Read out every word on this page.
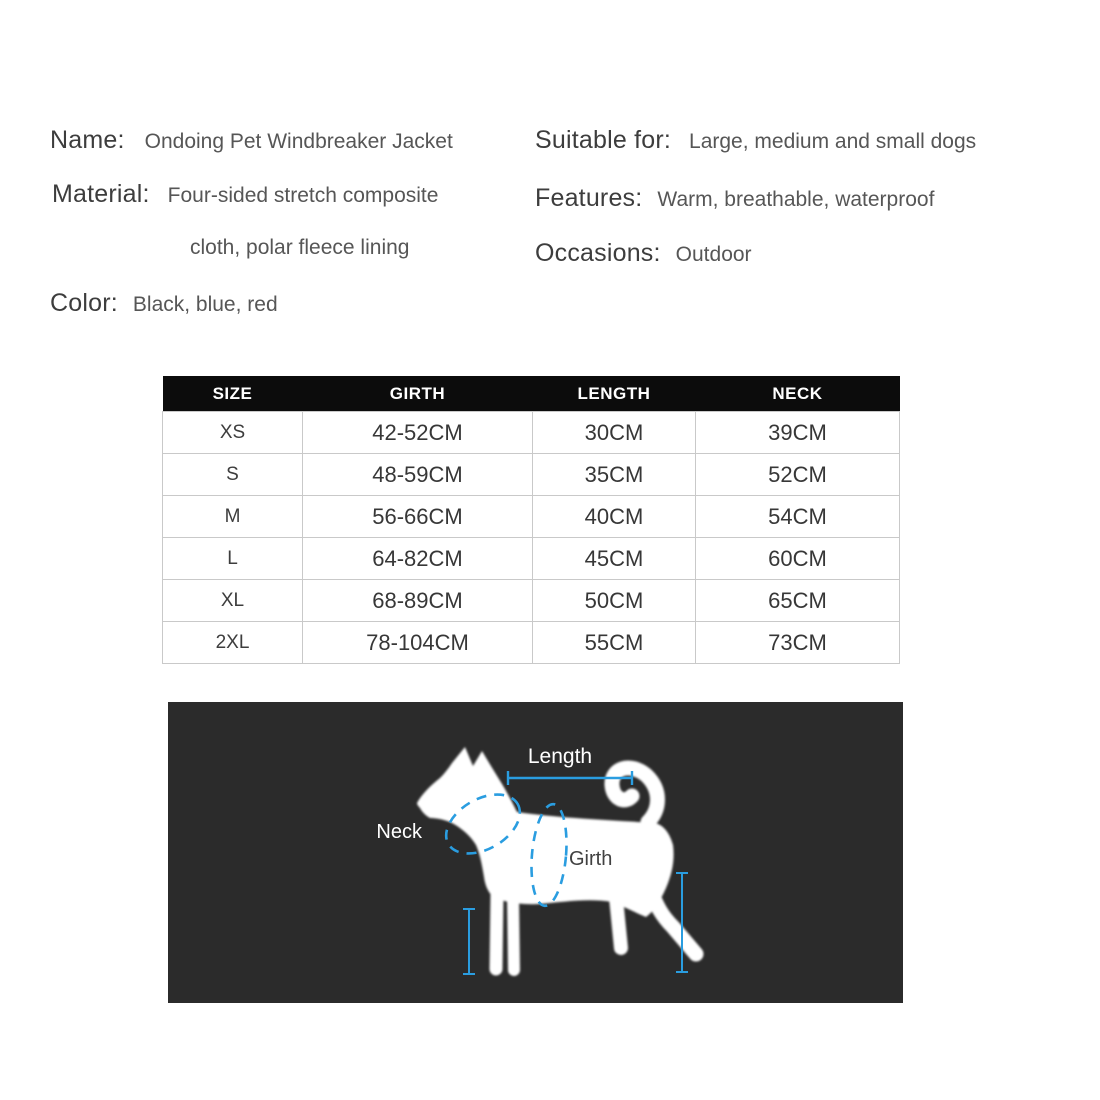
Name: Ondoing Pet Windbreaker Jacket	Suitable for: Large, medium and small dogs
Material: Four-sided stretch composite	Features: Warm, breathable, waterproof
cloth, polar fleece lining	Occasions: Outdoor
Color: Black, blue, red
SIZE	GIRTH	LENGTH	NECK
XS	42-52CM	30CM	39CM
S	48-59CM	35CM	52CM
M	56-66CM	40CM	54CM
L	64-82CM	45CM	60CM
XL	68-89CM	50CM	65CM
2XL	78-104CM	55CM	73CM
Length
Neck
Girth
